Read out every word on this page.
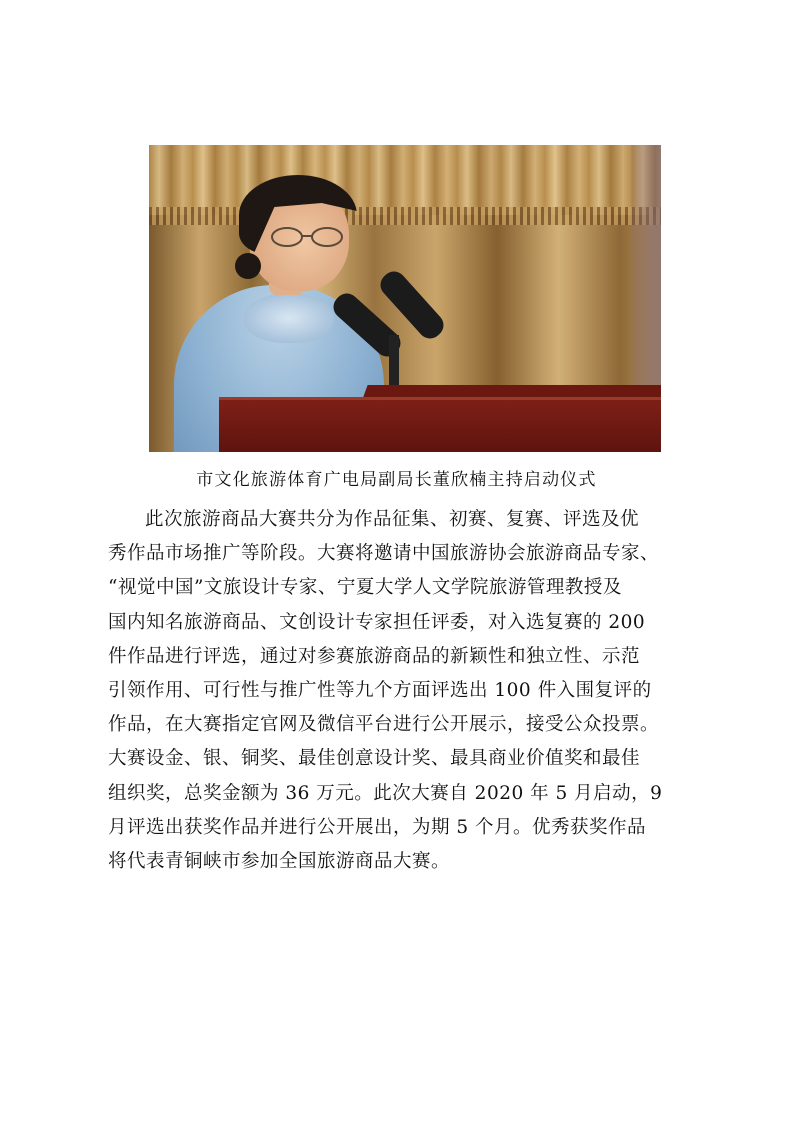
市文化旅游体育广电局副局长董欣楠主持启动仪式
此次旅游商品大赛共分为作品征集、初赛、复赛、评选及优
秀作品市场推广等阶段。大赛将邀请中国旅游协会旅游商品专家、
“视觉中国”文旅设计专家、宁夏大学人文学院旅游管理教授及
国内知名旅游商品、文创设计专家担任评委，对入选复赛的 200
件作品进行评选，通过对参赛旅游商品的新颖性和独立性、示范
引领作用、可行性与推广性等九个方面评选出 100 件入围复评的
作品，在大赛指定官网及微信平台进行公开展示，接受公众投票。
大赛设金、银、铜奖、最佳创意设计奖、最具商业价值奖和最佳
组织奖，总奖金额为 36 万元。此次大赛自 2020 年 5 月启动，9
月评选出获奖作品并进行公开展出，为期 5 个月。优秀获奖作品
将代表青铜峡市参加全国旅游商品大赛。
